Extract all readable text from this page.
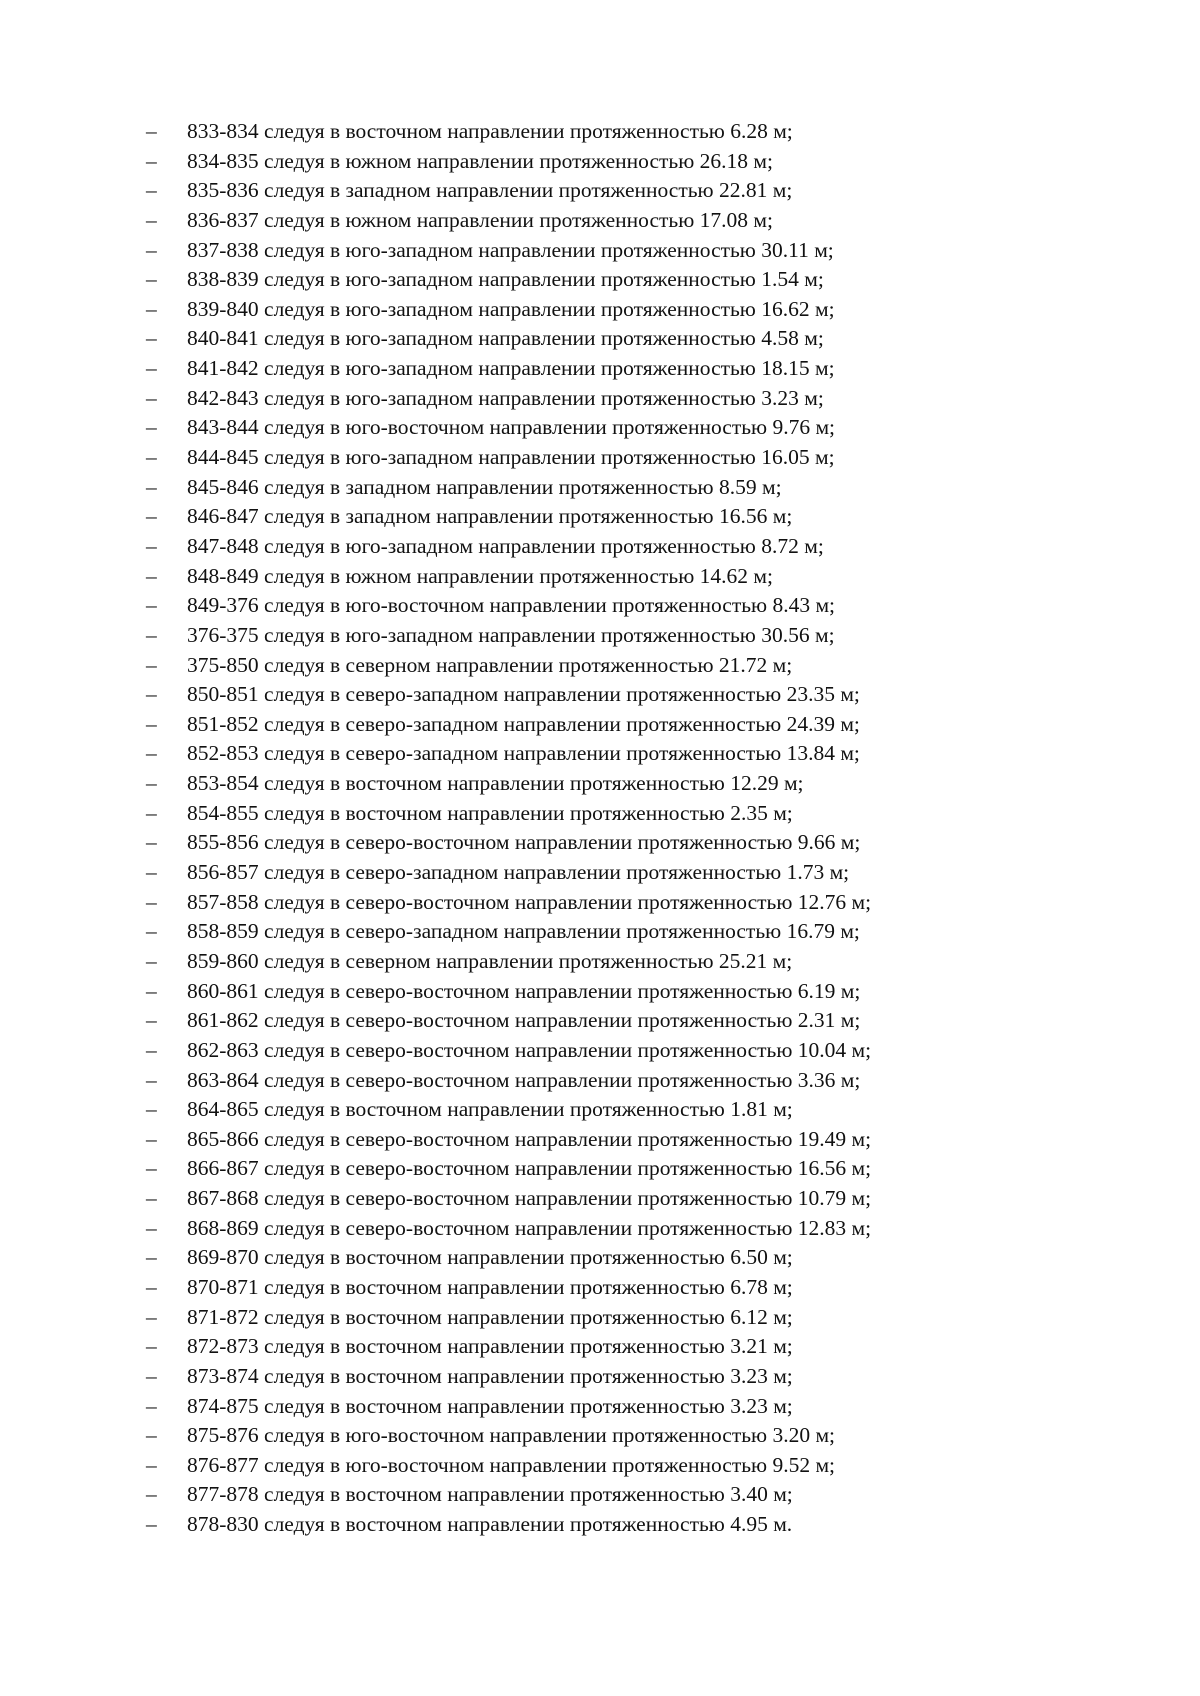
– 833-834 следуя в восточном направлении протяженностью 6.28 м;
– 834-835 следуя в южном направлении протяженностью 26.18 м;
– 835-836 следуя в западном направлении протяженностью 22.81 м;
– 836-837 следуя в южном направлении протяженностью 17.08 м;
– 837-838 следуя в юго-западном направлении протяженностью 30.11 м;
– 838-839 следуя в юго-западном направлении протяженностью 1.54 м;
– 839-840 следуя в юго-западном направлении протяженностью 16.62 м;
– 840-841 следуя в юго-западном направлении протяженностью 4.58 м;
– 841-842 следуя в юго-западном направлении протяженностью 18.15 м;
– 842-843 следуя в юго-западном направлении протяженностью 3.23 м;
– 843-844 следуя в юго-восточном направлении протяженностью 9.76 м;
– 844-845 следуя в юго-западном направлении протяженностью 16.05 м;
– 845-846 следуя в западном направлении протяженностью 8.59 м;
– 846-847 следуя в западном направлении протяженностью 16.56 м;
– 847-848 следуя в юго-западном направлении протяженностью 8.72 м;
– 848-849 следуя в южном направлении протяженностью 14.62 м;
– 849-376 следуя в юго-восточном направлении протяженностью 8.43 м;
– 376-375 следуя в юго-западном направлении протяженностью 30.56 м;
– 375-850 следуя в северном направлении протяженностью 21.72 м;
– 850-851 следуя в северо-западном направлении протяженностью 23.35 м;
– 851-852 следуя в северо-западном направлении протяженностью 24.39 м;
– 852-853 следуя в северо-западном направлении протяженностью 13.84 м;
– 853-854 следуя в восточном направлении протяженностью 12.29 м;
– 854-855 следуя в восточном направлении протяженностью 2.35 м;
– 855-856 следуя в северо-восточном направлении протяженностью 9.66 м;
– 856-857 следуя в северо-западном направлении протяженностью 1.73 м;
– 857-858 следуя в северо-восточном направлении протяженностью 12.76 м;
– 858-859 следуя в северо-западном направлении протяженностью 16.79 м;
– 859-860 следуя в северном направлении протяженностью 25.21 м;
– 860-861 следуя в северо-восточном направлении протяженностью 6.19 м;
– 861-862 следуя в северо-восточном направлении протяженностью 2.31 м;
– 862-863 следуя в северо-восточном направлении протяженностью 10.04 м;
– 863-864 следуя в северо-восточном направлении протяженностью 3.36 м;
– 864-865 следуя в восточном направлении протяженностью 1.81 м;
– 865-866 следуя в северо-восточном направлении протяженностью 19.49 м;
– 866-867 следуя в северо-восточном направлении протяженностью 16.56 м;
– 867-868 следуя в северо-восточном направлении протяженностью 10.79 м;
– 868-869 следуя в северо-восточном направлении протяженностью 12.83 м;
– 869-870 следуя в восточном направлении протяженностью 6.50 м;
– 870-871 следуя в восточном направлении протяженностью 6.78 м;
– 871-872 следуя в восточном направлении протяженностью 6.12 м;
– 872-873 следуя в восточном направлении протяженностью 3.21 м;
– 873-874 следуя в восточном направлении протяженностью 3.23 м;
– 874-875 следуя в восточном направлении протяженностью 3.23 м;
– 875-876 следуя в юго-восточном направлении протяженностью 3.20 м;
– 876-877 следуя в юго-восточном направлении протяженностью 9.52 м;
– 877-878 следуя в восточном направлении протяженностью 3.40 м;
– 878-830 следуя в восточном направлении протяженностью 4.95 м.
